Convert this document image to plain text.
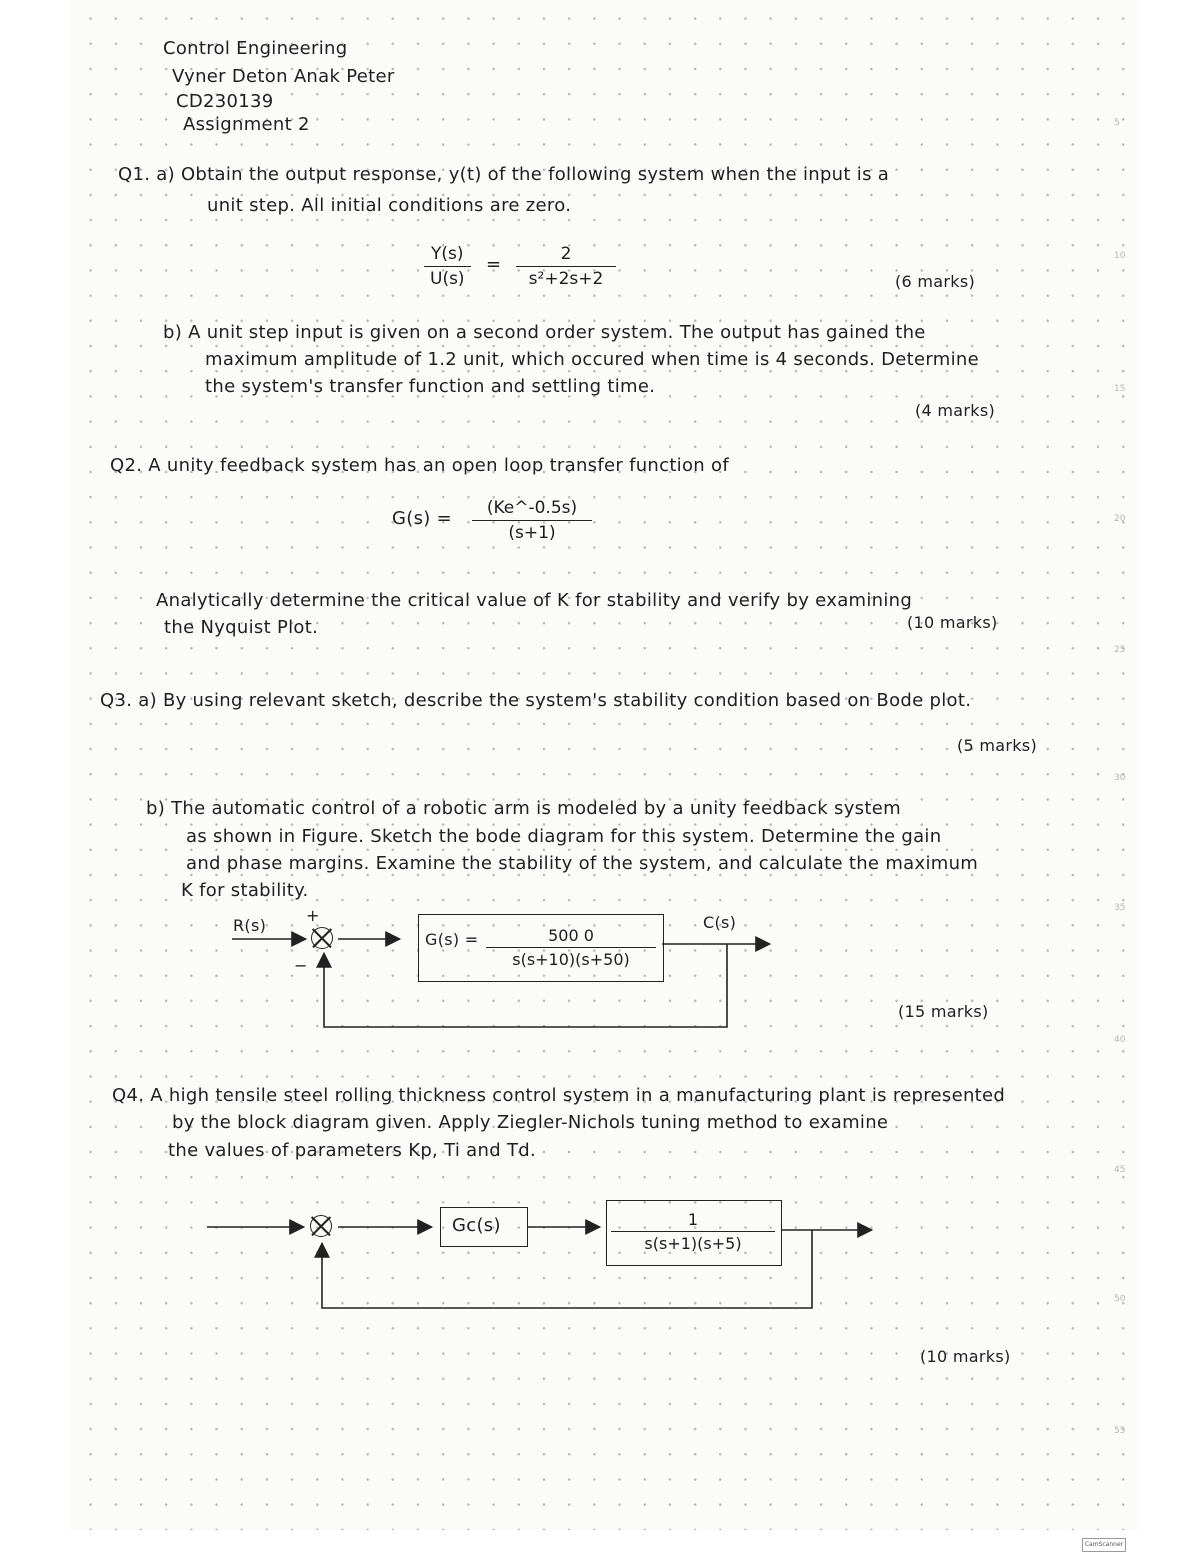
5
10
15
20
25
30
35
40
45
50
55
Control Engineering
Vyner Deton Anak Peter
CD230139
Assignment 2
Q1. a) Obtain the output response, y(t) of the following system when the input is a
unit step. All initial conditions are zero.
$\frac{Y(s)}{U(s)} = \frac{2}{\text{s²+2s+2}}$	(6 marks)
b) A unit step input is given on a second order system. The output has gained the
maximum amplitude of 1.2 unit, which occured when time is 4 seconds. Determine
the system's transfer function and settling time.
(4 marks)
Q2. A unity feedback system has an open loop transfer function of
$G(s) = \frac{(Ke\^{}-0.5s)}{(s+1)}$
Analytically determine the critical value of K for stability and verify by examining
the Nyquist Plot.	(10 marks)
Q3. a) By using relevant sketch, describe the system's stability condition based on Bode plot.
(5 marks)
b) The automatic control of a robotic arm is modeled by a unity feedback system
as shown in Figure. Sketch the bode diagram for this system. Determine the gain
and phase margins. Examine the stability of the system, and calculate the maximum
K for stability.
R(s)
+
−
$G(s) = \frac{500 0}{s(s+10)(s+50)}$
C(s)
(15 marks)
Q4. A high tensile steel rolling thickness control system in a manufacturing plant is represented
by the block diagram given. Apply Ziegler-Nichols tuning method to examine
the values of parameters Kp, Ti and Td.
Gc(s)	$\frac{1}{s(s+1)(s+5)}$
(10 marks)
CamScanner
